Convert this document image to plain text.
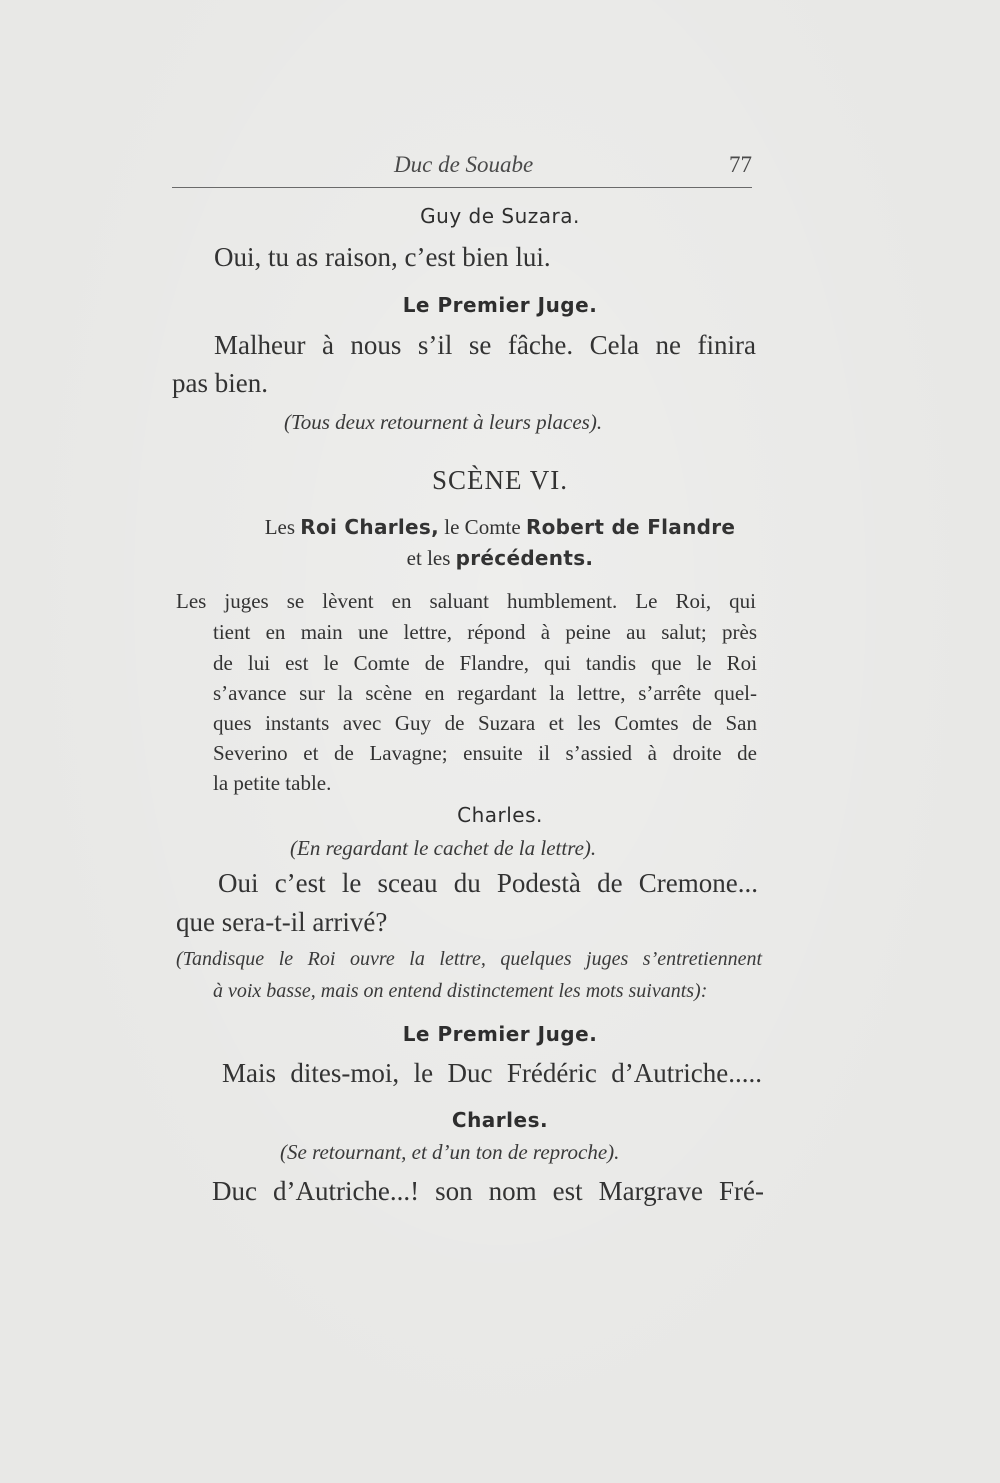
Duc de Souabe	77
Guy de Suzara.
Oui, tu as raison, c’est bien lui.
Le Premier Juge.
Malheur à nous s’il se fâche. Cela ne finira
pas bien.
(Tous deux retournent à leurs places).
SCÈNE VI.
Les Roi Charles, le Comte Robert de Flandre
et les précédents.
Les juges se lèvent en saluant humblement. Le Roi, qui
tient en main une lettre, répond à peine au salut; près
de lui est le Comte de Flandre, qui tandis que le Roi
s’avance sur la scène en regardant la lettre, s’arrête quel-
ques instants avec Guy de Suzara et les Comtes de San
Severino et de Lavagne; ensuite il s’assied à droite de
la petite table.
Charles.
(En regardant le cachet de la lettre).
Oui c’est le sceau du Podestà de Cremone...
que sera-t-il arrivé?
(Tandisque le Roi ouvre la lettre, quelques juges s’entretiennent
à voix basse, mais on entend distinctement les mots suivants):
Le Premier Juge.
Mais dites-moi, le Duc Frédéric d’Autriche.....
Charles.
(Se retournant, et d’un ton de reproche).
Duc d’Autriche...! son nom est Margrave Fré-
